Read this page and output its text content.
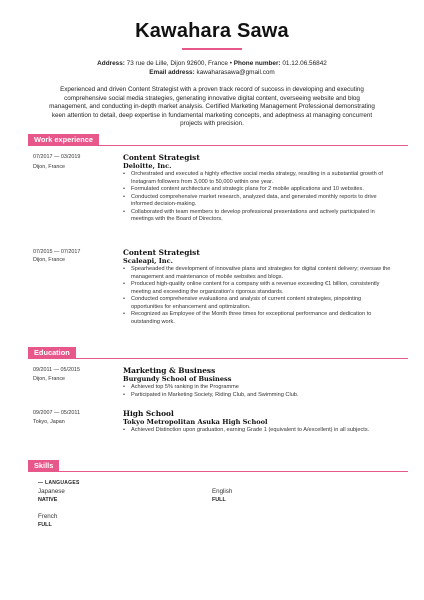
Kawahara Sawa
Address: 73 rue de Lille, Dijon 92600, France • Phone number: 01.12.06.56842
Email address: kawaharasawa@gmail.com
Experienced and driven Content Strategist with a proven track record of success in developing and executing comprehensive social media strategies, generating innovative digital content, overseeing website and blog management, and conducting in-depth market analysis. Certified Marketing Management Professional demonstrating keen attention to detail, deep expertise in fundamental marketing concepts, and adeptness at managing concurrent projects with precision.
Work experience
07/2017 — 03/2019
Dijon, France
Content Strategist
Deloitte, Inc.
• Orchestrated and executed a highly effective social media strategy, resulting in a substantial growth of Instagram followers from 3,000 to 50,000 within one year.
• Formulated content architecture and strategic plans for 2 mobile applications and 10 websites.
• Conducted comprehensive market research, analyzed data, and generated monthly reports to drive informed decision-making.
• Collaborated with team members to develop professional presentations and actively participated in meetings with the Board of Directors.
07/2015 — 07/2017
Dijon, France
Content Strategist
Scaleapi, Inc.
• Spearheaded the development of innovative plans and strategies for digital content delivery; oversaw the management and maintenance of mobile websites and blogs.
• Produced high-quality online content for a company with a revenue exceeding €1 billion, consistently meeting and exceeding the organization's rigorous standards.
• Conducted comprehensive evaluations and analysis of current content strategies, pinpointing opportunities for enhancement and optimization.
• Recognized as Employee of the Month three times for exceptional performance and dedication to outstanding work.
Education
09/2011 — 05/2015
Dijon, France
Marketing & Business
Burgundy School of Business
• Achieved top 5% ranking in the Programme
• Participated in Marketing Society, Riding Club, and Swimming Club.
09/2007 — 05/2011
Tokyo, Japan
High School
Tokyo Metropolitan Asuka High School
• Achieved Distinction upon graduation, earning Grade 1 (equivalent to A/excellent) in all subjects.
Skills
— LANGUAGES
Japanese
NATIVE
English
FULL
French
FULL
